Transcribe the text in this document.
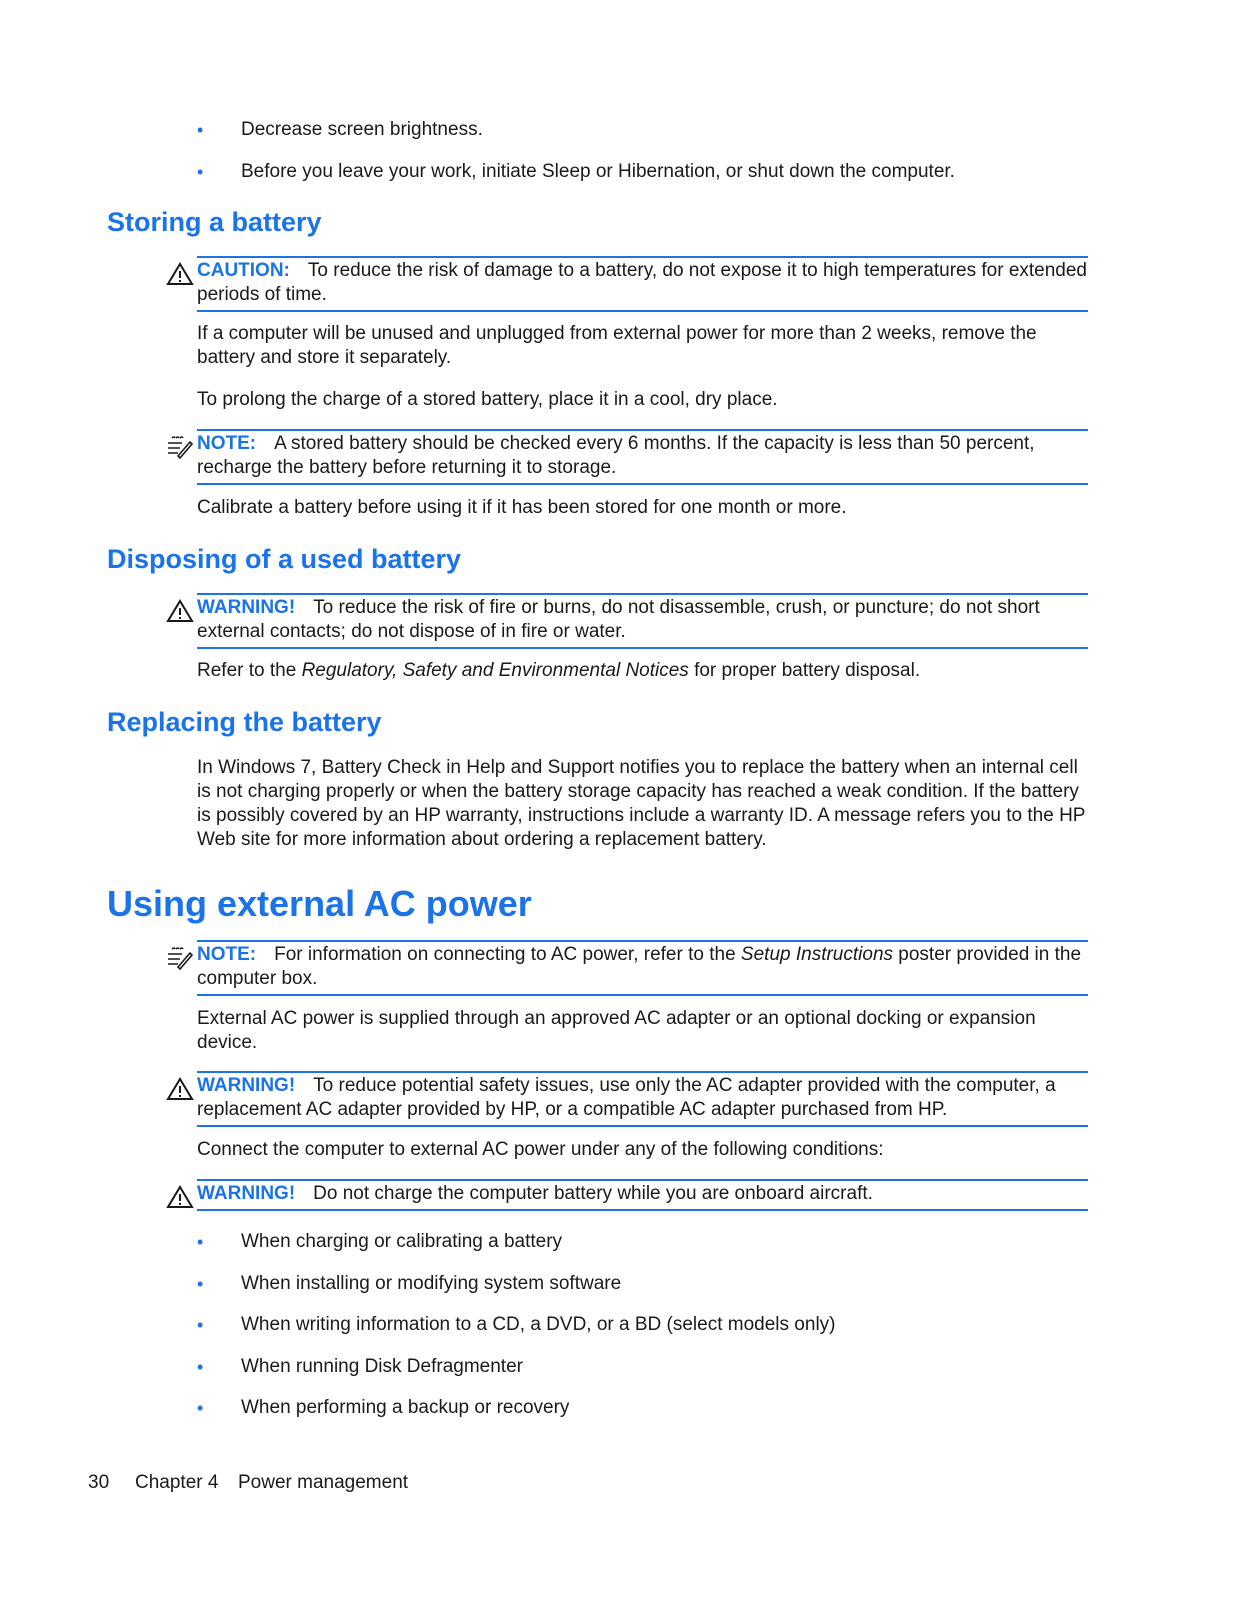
• Decrease screen brightness.
• Before you leave your work, initiate Sleep or Hibernation, or shut down the computer.
Storing a battery
CAUTION: To reduce the risk of damage to a battery, do not expose it to high temperatures for extended periods of time.
If a computer will be unused and unplugged from external power for more than 2 weeks, remove the battery and store it separately.
To prolong the charge of a stored battery, place it in a cool, dry place.
NOTE: A stored battery should be checked every 6 months. If the capacity is less than 50 percent, recharge the battery before returning it to storage.
Calibrate a battery before using it if it has been stored for one month or more.
Disposing of a used battery
WARNING! To reduce the risk of fire or burns, do not disassemble, crush, or puncture; do not short external contacts; do not dispose of in fire or water.
Refer to the Regulatory, Safety and Environmental Notices for proper battery disposal.
Replacing the battery
In Windows 7, Battery Check in Help and Support notifies you to replace the battery when an internal cell is not charging properly or when the battery storage capacity has reached a weak condition. If the battery is possibly covered by an HP warranty, instructions include a warranty ID. A message refers you to the HP Web site for more information about ordering a replacement battery.
Using external AC power
NOTE: For information on connecting to AC power, refer to the Setup Instructions poster provided in the computer box.
External AC power is supplied through an approved AC adapter or an optional docking or expansion device.
WARNING! To reduce potential safety issues, use only the AC adapter provided with the computer, a replacement AC adapter provided by HP, or a compatible AC adapter purchased from HP.
Connect the computer to external AC power under any of the following conditions:
WARNING! Do not charge the computer battery while you are onboard aircraft.
• When charging or calibrating a battery
• When installing or modifying system software
• When writing information to a CD, a DVD, or a BD (select models only)
• When running Disk Defragmenter
• When performing a backup or recovery
30 Chapter 4 Power management
